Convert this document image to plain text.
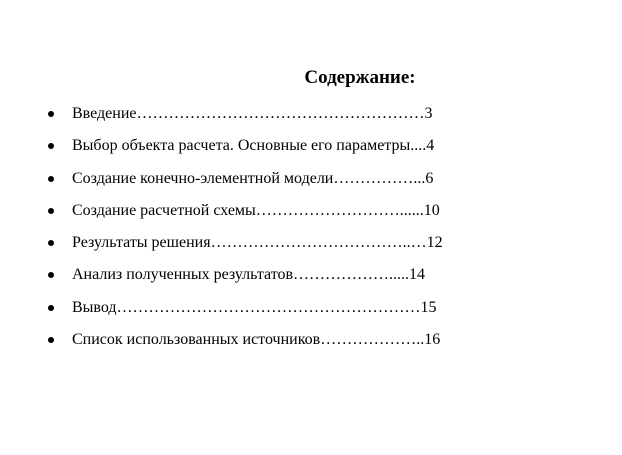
Содержание:
Введение………………………………………………3
Выбор объекта расчета. Основные его параметры....4
Создание конечно-элементной модели……………...6
Создание расчетной схемы………………………......10
Результаты решения………………………………..…12
Анализ полученных результатов……………….....14
Вывод…………………………………………………15
Список использованных источников………………..16
